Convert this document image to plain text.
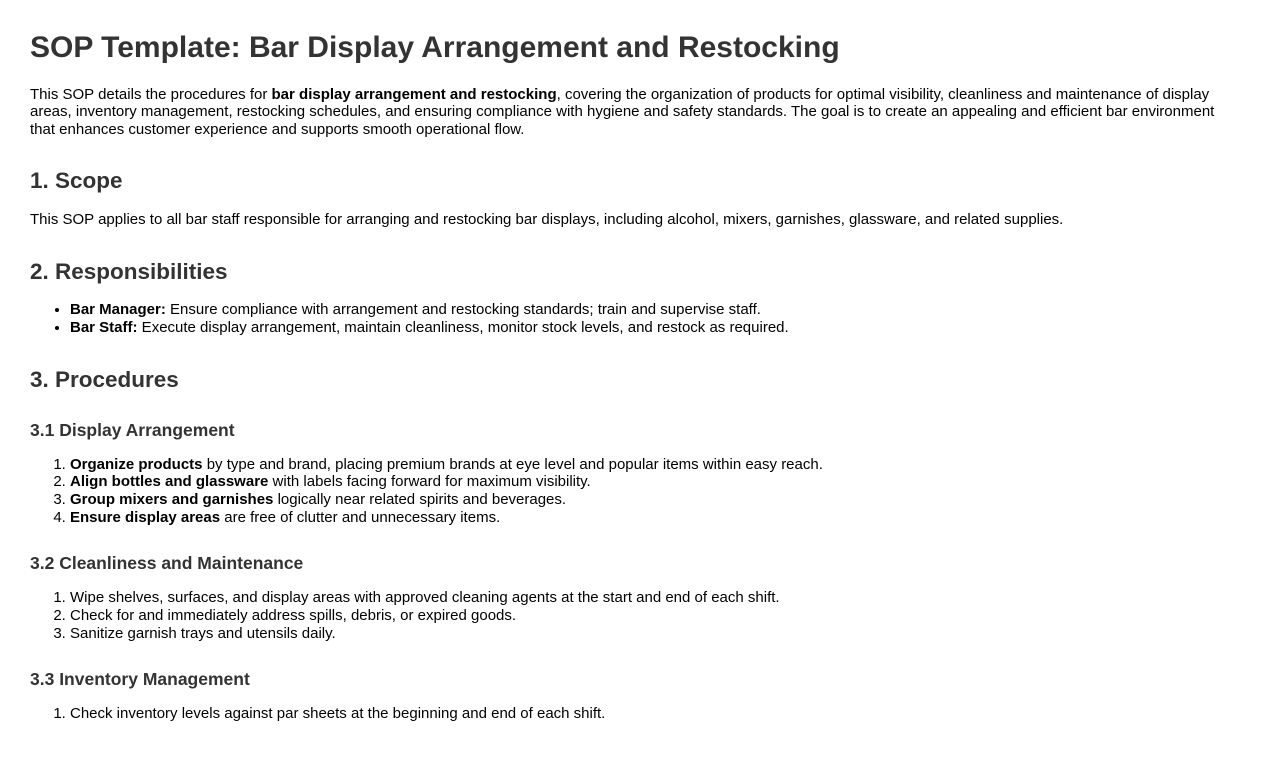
SOP Template: Bar Display Arrangement and Restocking

This SOP details the procedures for bar display arrangement and restocking, covering the organization of products for optimal visibility, cleanliness and maintenance of display areas, inventory management, restocking schedules, and ensuring compliance with hygiene and safety standards. The goal is to create an appealing and efficient bar environment that enhances customer experience and supports smooth operational flow.

1. Scope

This SOP applies to all bar staff responsible for arranging and restocking bar displays, including alcohol, mixers, garnishes, glassware, and related supplies.

2. Responsibilities
• Bar Manager: Ensure compliance with arrangement and restocking standards; train and supervise staff.
• Bar Staff: Execute display arrangement, maintain cleanliness, monitor stock levels, and restock as required.
3. Procedures
3.1 Display Arrangement
1. Organize products by type and brand, placing premium brands at eye level and popular items within easy reach.
2. Align bottles and glassware with labels facing forward for maximum visibility.
3. Group mixers and garnishes logically near related spirits and beverages.
4. Ensure display areas are free of clutter and unnecessary items.
3.2 Cleanliness and Maintenance
1. Wipe shelves, surfaces, and display areas with approved cleaning agents at the start and end of each shift.
2. Check for and immediately address spills, debris, or expired goods.
3. Sanitize garnish trays and utensils daily.
3.3 Inventory Management
1. Check inventory levels against par sheets at the beginning and end of each shift.
